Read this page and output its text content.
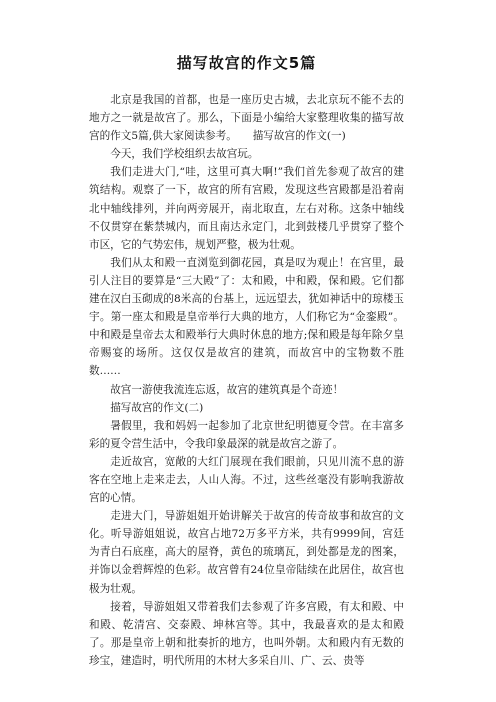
描写故宫的作文5篇

北京是我国的首都，也是一座历史古城，去北京玩不能不去的地方之一就是故宫了。那么，下面是小编给大家整理收集的描写故宫的作文5篇,供大家阅读参考。　　描写故宫的作文(一)

今天，我们学校组织去故宫玩。

我们走进大门,“哇，这里可真大啊!”我们首先参观了故宫的建筑结构。观察了一下，故宫的所有宫殿，发现这些宫殿都是沿着南北中轴线排列，并向两旁展开，南北取直，左右对称。这条中轴线不仅贯穿在紫禁城内，而且南达永定门，北到鼓楼几乎贯穿了整个市区，它的气势宏伟，规划严整，极为壮观。

我们从太和殿一直浏览到御花园，真是叹为观止！在宫里，最引人注目的要算是“三大殿”了：太和殿，中和殿，保和殿。它们都建在汉白玉砌成的8米高的台基上，远远望去，犹如神话中的琼楼玉宇。第一座太和殿是皇帝举行大典的地方，人们称它为“金銮殿”。中和殿是皇帝去太和殿举行大典时休息的地方;保和殿是每年除夕皇帝赐宴的场所。这仅仅是故宫的建筑，而故宫中的宝物数不胜数……

故宫一游使我流连忘返，故宫的建筑真是个奇迹！

描写故宫的作文(二)

暑假里，我和妈妈一起参加了北京世纪明德夏令营。在丰富多彩的夏令营生活中，令我印象最深的就是故宫之游了。

走近故宫，宽敞的大红门展现在我们眼前，只见川流不息的游客在空地上走来走去，人山人海。不过，这些丝毫没有影响我游故宫的心情。

走进大门，导游姐姐开始讲解关于故宫的传奇故事和故宫的文化。听导游姐姐说，故宫占地72万多平方米，共有9999间，宫廷为青白石底座，高大的屋脊，黄色的琉璃瓦，到处都是龙的图案，并饰以金碧辉煌的色彩。故宫曾有24位皇帝陆续在此居住，故宫也极为壮观。

接着，导游姐姐又带着我们去参观了许多宫殿，有太和殿、中和殿、乾清宫、交泰殿、坤林宫等。其中，我最喜欢的是太和殿了。那是皇帝上朝和批奏折的地方，也叫外朝。太和殿内有无数的珍宝，建造时，明代所用的木材大多采自川、广、云、贵等
